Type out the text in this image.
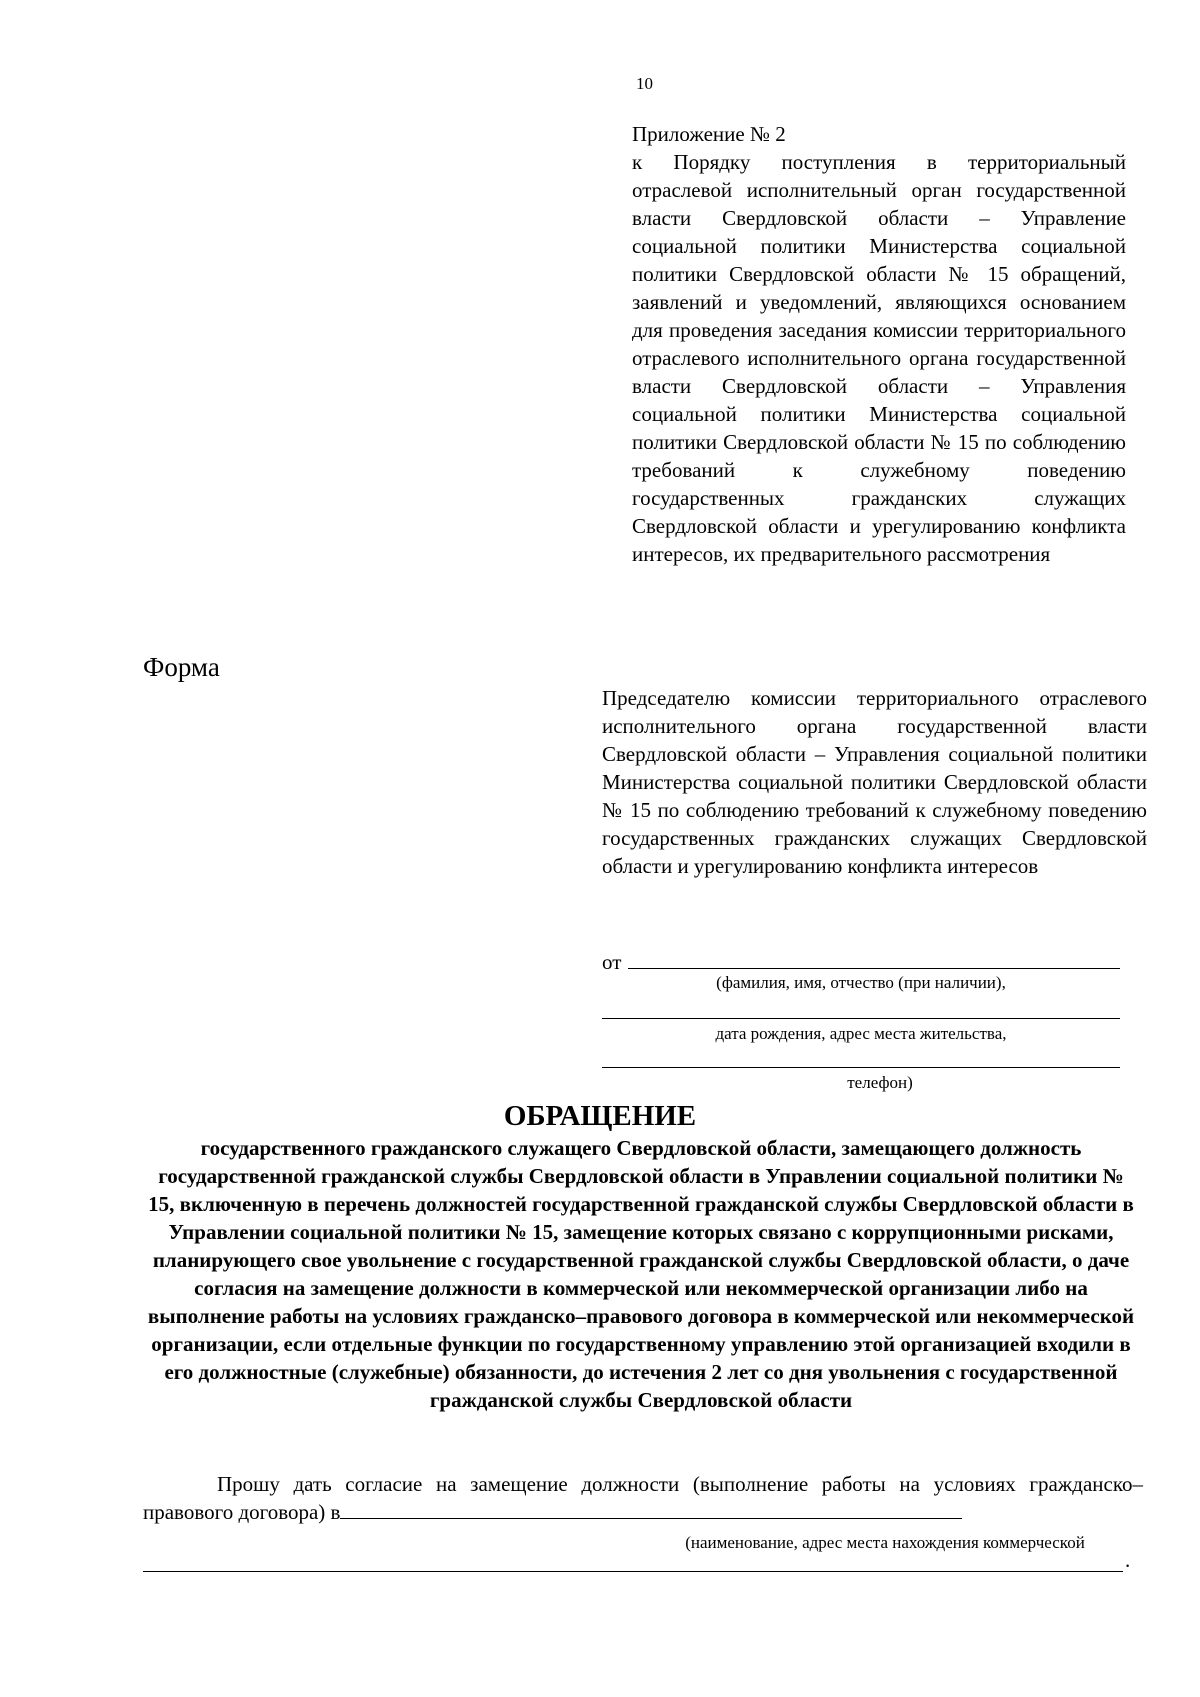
10
Приложение № 2
к Порядку поступления в территориальный отраслевой исполнительный орган государственной власти Свердловской области – Управление социальной политики Министерства социальной политики Свердловской области № 15 обращений, заявлений и уведомлений, являющихся основанием для проведения заседания комиссии территориального отраслевого исполнительного органа государственной власти Свердловской области – Управления социальной политики Министерства социальной политики Свердловской области № 15 по соблюдению требований к служебному поведению государственных гражданских служащих Свердловской области и урегулированию конфликта интересов, их предварительного рассмотрения
Форма
Председателю комиссии территориального отраслевого исполнительного органа государственной власти Свердловской области – Управления социальной политики Министерства социальной политики Свердловской области № 15 по соблюдению требований к служебному поведению государственных гражданских служащих Свердловской области и урегулированию конфликта интересов
от
(фамилия, имя, отчество (при наличии),
дата рождения, адрес места жительства,
телефон)
ОБРАЩЕНИЕ
государственного гражданского служащего Свердловской области, замещающего должность государственной гражданской службы Свердловской области в Управлении социальной политики № 15, включенную в перечень должностей государственной гражданской службы Свердловской области в Управлении социальной политики № 15, замещение которых связано с коррупционными рисками, планирующего свое увольнение с государственной гражданской службы Свердловской области, о даче согласия на замещение должности в коммерческой или некоммерческой организации либо на выполнение работы на условиях гражданско–правового договора в коммерческой или некоммерческой организации, если отдельные функции по государственному управлению этой организацией входили в его должностные (служебные) обязанности, до истечения 2 лет со дня увольнения с государственной гражданской службы Свердловской области
Прошу дать согласие на замещение должности (выполнение работы на условиях гражданско–правового договора) в
(наименование, адрес места нахождения коммерческой
.
